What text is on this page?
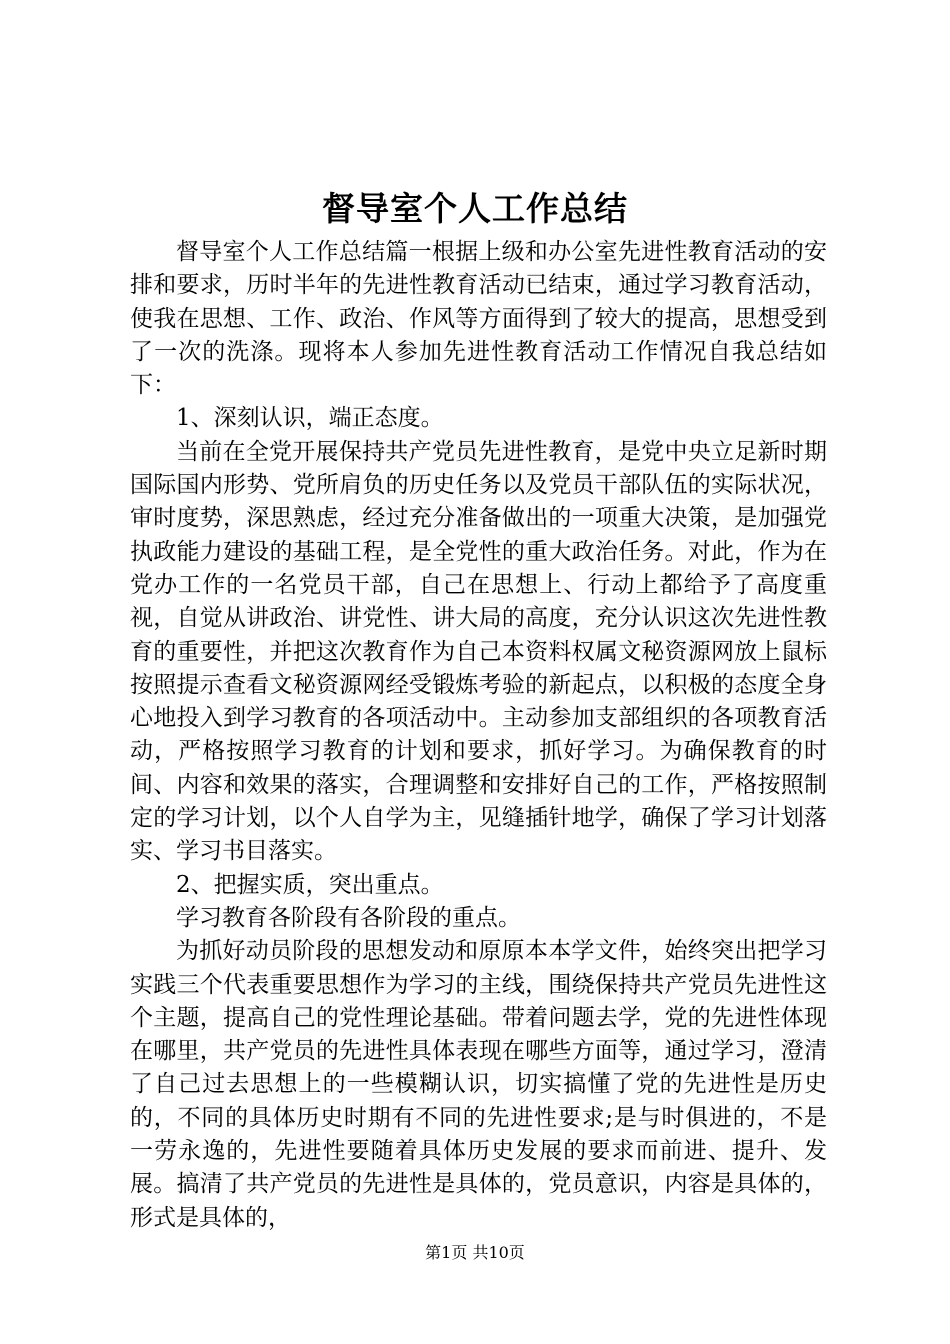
督导室个人工作总结

督导室个人工作总结篇一根据上级和办公室先进性教育活动的安排和要求，历时半年的先进性教育活动已结束，通过学习教育活动，使我在思想、工作、政治、作风等方面得到了较大的提高，思想受到了一次的洗涤。现将本人参加先进性教育活动工作情况自我总结如下：

1、深刻认识，端正态度。

当前在全党开展保持共产党员先进性教育，是党中央立足新时期国际国内形势、党所肩负的历史任务以及党员干部队伍的实际状况，审时度势，深思熟虑，经过充分准备做出的一项重大决策，是加强党执政能力建设的基础工程，是全党性的重大政治任务。对此，作为在党办工作的一名党员干部，自己在思想上、行动上都给予了高度重视，自觉从讲政治、讲党性、讲大局的高度，充分认识这次先进性教育的重要性，并把这次教育作为自己本资料权属文秘资源网放上鼠标按照提示查看文秘资源网经受锻炼考验的新起点，以积极的态度全身心地投入到学习教育的各项活动中。主动参加支部组织的各项教育活动，严格按照学习教育的计划和要求，抓好学习。为确保教育的时间、内容和效果的落实，合理调整和安排好自己的工作，严格按照制定的学习计划，以个人自学为主，见缝插针地学，确保了学习计划落实、学习书目落实。

2、把握实质，突出重点。

学习教育各阶段有各阶段的重点。

为抓好动员阶段的思想发动和原原本本学文件，始终突出把学习实践三个代表重要思想作为学习的主线，围绕保持共产党员先进性这个主题，提高自己的党性理论基础。带着问题去学，党的先进性体现在哪里，共产党员的先进性具体表现在哪些方面等，通过学习，澄清了自己过去思想上的一些模糊认识，切实搞懂了党的先进性是历史的，不同的具体历史时期有不同的先进性要求;是与时俱进的，不是一劳永逸的，先进性要随着具体历史发展的要求而前进、提升、发展。搞清了共产党员的先进性是具体的，党员意识，内容是具体的，形式是具体的，

第1页 共10页
